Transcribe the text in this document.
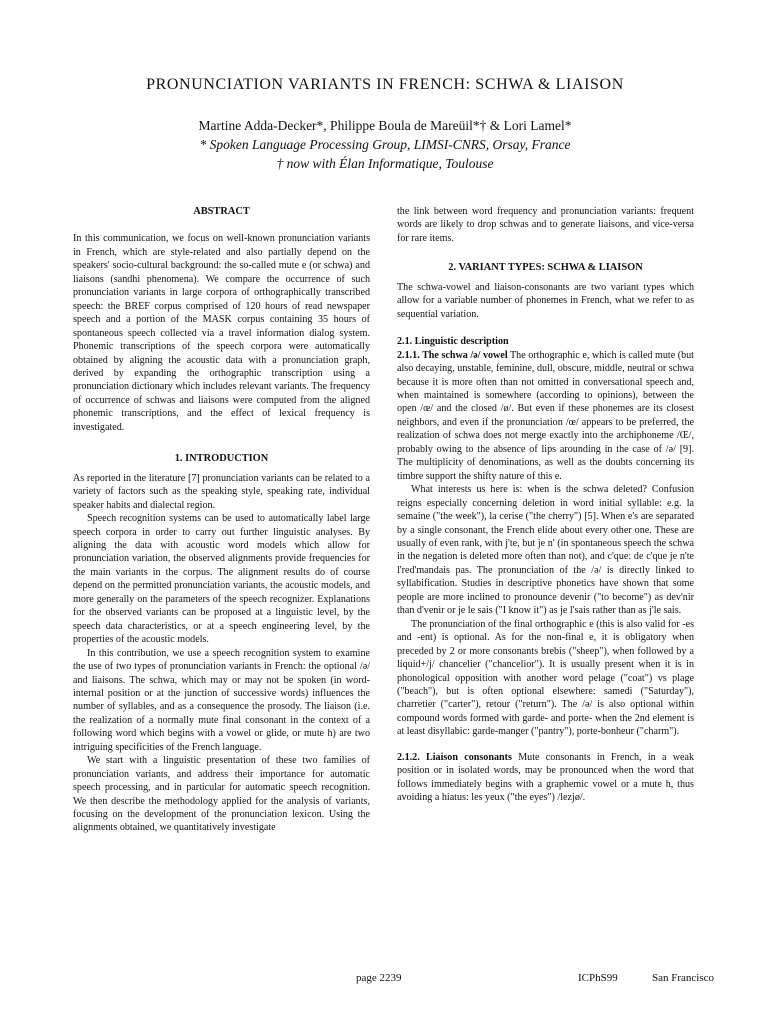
PRONUNCIATION VARIANTS IN FRENCH: SCHWA & LIAISON
Martine Adda-Decker*, Philippe Boula de Mareüil*† & Lori Lamel*
* Spoken Language Processing Group, LIMSI-CNRS, Orsay, France
† now with Élan Informatique, Toulouse
ABSTRACT

In this communication, we focus on well-known pronunciation variants in French, which are style-related and also partially depend on the speakers' socio-cultural background: the so-called mute e (or schwa) and liaisons (sandhi phenomena). We compare the occurrence of such pronunciation variants in large corpora of orthographically transcribed speech: the BREF corpus comprised of 120 hours of read newspaper speech and a portion of the MASK corpus containing 35 hours of spontaneous speech collected via a travel information dialog system. Phonemic transcriptions of the speech corpora were automatically obtained by aligning the acoustic data with a pronunciation graph, derived by expanding the orthographic transcription using a pronunciation dictionary which includes relevant variants. The frequency of occurrence of schwas and liaisons were computed from the aligned phonemic transcriptions, and the effect of lexical frequency is investigated.

1. INTRODUCTION

As reported in the literature [7] pronunciation variants can be related to a variety of factors such as the speaking style, speaking rate, individual speaker habits and dialectal region.

Speech recognition systems can be used to automatically label large speech corpora in order to carry out further linguistic analyses. By aligning the data with acoustic word models which allow for pronunciation variation, the observed alignments provide frequencies for the main variants in the corpus. The alignment results do of course depend on the permitted pronunciation variants, the acoustic models, and more generally on the parameters of the speech recognizer. Explanations for the observed variants can be proposed at a linguistic level, by the speech data characteristics, or at a speech engineering level, by the properties of the acoustic models.

In this contribution, we use a speech recognition system to examine the use of two types of pronunciation variants in French: the optional /ə/ and liaisons. The schwa, which may or may not be spoken (in word-internal position or at the junction of successive words) influences the number of syllables, and as a consequence the prosody. The liaison (i.e. the realization of a normally mute final consonant in the context of a following word which begins with a vowel or glide, or mute h) are two intriguing specificities of the French language.

We start with a linguistic presentation of these two families of pronunciation variants, and address their importance for automatic speech processing, and in particular for automatic speech recognition. We then describe the methodology applied for the analysis of variants, focusing on the development of the pronunciation lexicon. Using the alignments obtained, we quantitatively investigate

the link between word frequency and pronunciation variants: frequent words are likely to drop schwas and to generate liaisons, and vice-versa for rare items.

2. VARIANT TYPES: SCHWA & LIAISON

The schwa-vowel and liaison-consonants are two variant types which allow for a variable number of phonemes in French, what we refer to as sequential variation.

2.1. Linguistic description

2.1.1. The schwa /ə/ vowel The orthographic e, which is called mute (but also decaying, unstable, feminine, dull, obscure, middle, neutral or schwa because it is more often than not omitted in conversational speech and, when maintained is somewhere (according to opinions), between the open /œ/ and the closed /ø/. But even if these phonemes are its closest neighbors, and even if the pronunciation /œ/ appears to be preferred, the realization of schwa does not merge exactly into the archiphoneme /Œ/, probably owing to the absence of lips arounding in the case of /ə/ [9]. The multiplicity of denominations, as well as the doubts concerning its timbre support the shifty nature of this e.

What interests us here is: when is the schwa deleted? Confusion reigns especially concerning deletion in word initial syllable: e.g. la semaine ("the week"), la cerise ("the cherry") [5]. When e's are separated by a single consonant, the French elide about every other one. These are usually of even rank, with j'te, but je n' (in spontaneous speech the schwa in the negation is deleted more often than not), and c'que: de c'que je n'te l'red'mandais pas. The pronunciation of the /ə/ is directly linked to syllabification. Studies in descriptive phonetics have shown that some people are more inclined to pronounce devenir ("to become") as dev'nir than d'venir or je le sais ("I know it") as je l'sais rather than as j'le sais.

The pronunciation of the final orthographic e (this is also valid for -es and -ent) is optional. As for the non-final e, it is obligatory when preceded by 2 or more consonants brebis ("sheep"), when followed by a liquid+/j/ chancelier ("chancelior"). It is usually present when it is in phonological opposition with another word pelage ("coat") vs plage ("beach"), but is often optional elsewhere: samedi ("Saturday"), charretier ("carter"), retour ("return"). The /ə/ is also optional within compound words formed with garde- and porte- when the 2nd element is at least disyllabic: garde-manger ("pantry"), porte-bonheur ("charm").

2.1.2. Liaison consonants Mute consonants in French, in a weak position or in isolated words, may be pronounced when the word that follows immediately begins with a graphemic vowel or a mute h, thus avoiding a hiatus: les yeux ("the eyes") /lezjø/.

page 2239	ICPhS99	San Francisco
